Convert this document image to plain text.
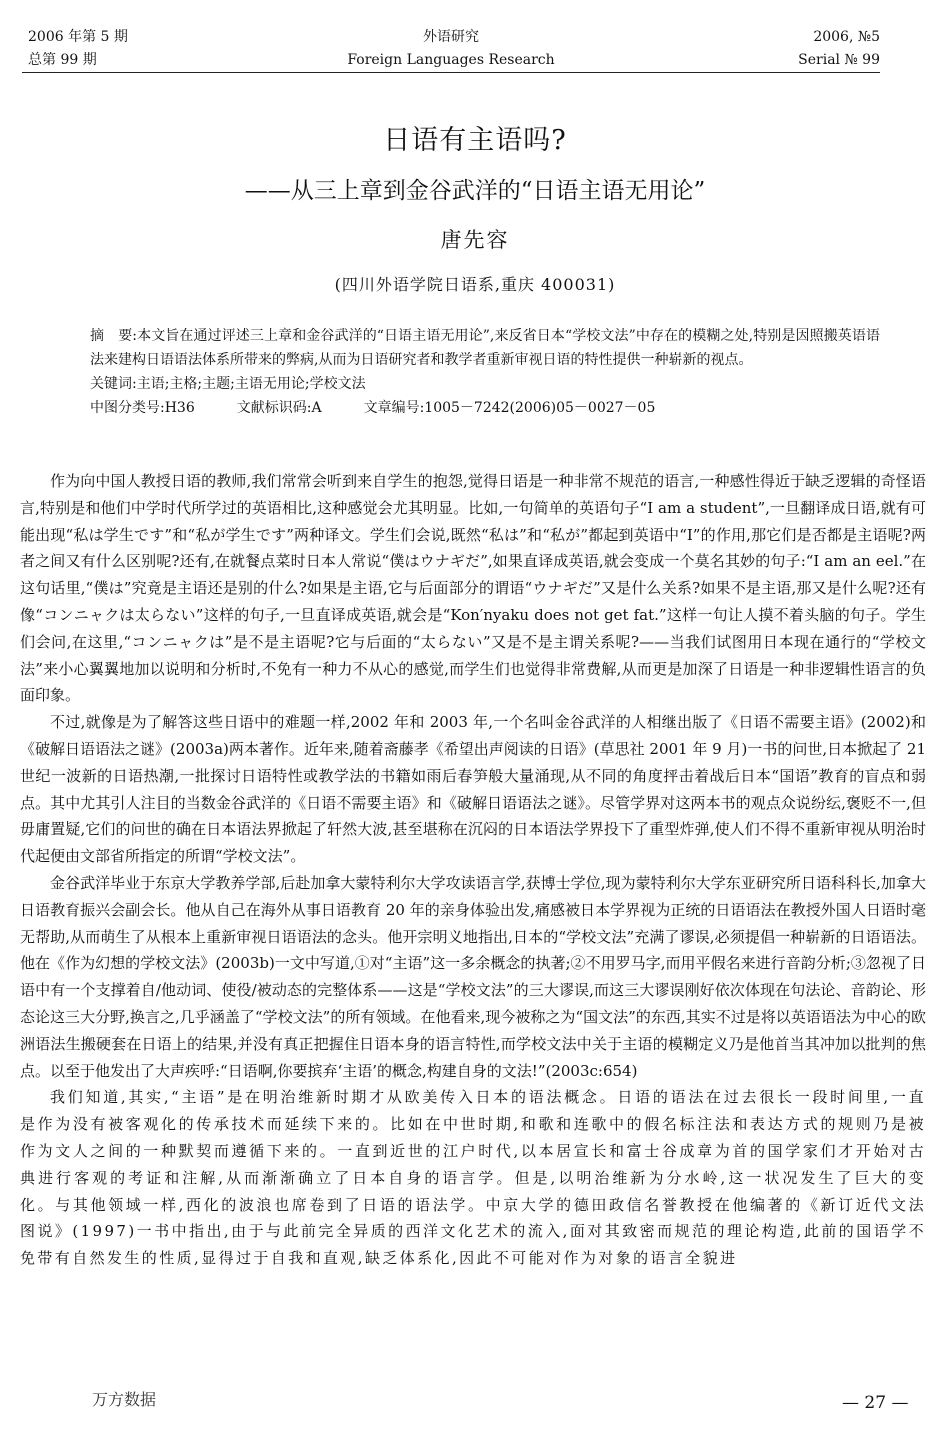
2006 年第 5 期
总第 99 期
外语研究
Foreign Languages Research
2006, №5
Serial № 99
日语有主语吗?
——从三上章到金谷武洋的“日语主语无用论”
唐先容
(四川外语学院日语系,重庆 400031)

摘　要:本文旨在通过评述三上章和金谷武洋的“日语主语无用论”,来反省日本“学校文法”中存在的模糊之处,特别是因照搬英语语法来建构日语语法体系所带来的弊病,从而为日语研究者和教学者重新审视日语的特性提供一种崭新的视点。

关键词:主语;主格;主题;主语无用论;学校文法

中图分类号:H36	文献标识码:A	文章编号:1005－7242(2006)05－0027－05

作为向中国人教授日语的教师,我们常常会听到来自学生的抱怨,觉得日语是一种非常不规范的语言,一种感性得近于缺乏逻辑的奇怪语言,特别是和他们中学时代所学过的英语相比,这种感觉会尤其明显。比如,一句简单的英语句子“I am a student”,一旦翻译成日语,就有可能出现“私は学生です”和“私が学生です”两种译文。学生们会说,既然“私は”和“私が”都起到英语中“I”的作用,那它们是否都是主语呢?两者之间又有什么区别呢?还有,在就餐点菜时日本人常说“僕はウナギだ”,如果直译成英语,就会变成一个莫名其妙的句子:“I am an eel.”在这句话里,“僕は”究竟是主语还是别的什么?如果是主语,它与后面部分的谓语“ウナギだ”又是什么关系?如果不是主语,那又是什么呢?还有像“コンニャクは太らない”这样的句子,一旦直译成英语,就会是“Kon′nyaku does not get fat.”这样一句让人摸不着头脑的句子。学生们会问,在这里,“コンニャクは”是不是主语呢?它与后面的“太らない”又是不是主谓关系呢?——当我们试图用日本现在通行的“学校文法”来小心翼翼地加以说明和分析时,不免有一种力不从心的感觉,而学生们也觉得非常费解,从而更是加深了日语是一种非逻辑性语言的负面印象。

不过,就像是为了解答这些日语中的难题一样,2002 年和 2003 年,一个名叫金谷武洋的人相继出版了《日语不需要主语》(2002)和《破解日语语法之谜》(2003a)两本著作。近年来,随着斋藤孝《希望出声阅读的日语》(草思社 2001 年 9 月)一书的问世,日本掀起了 21 世纪一波新的日语热潮,一批探讨日语特性或教学法的书籍如雨后春笋般大量涌现,从不同的角度抨击着战后日本“国语”教育的盲点和弱点。其中尤其引人注目的当数金谷武洋的《日语不需要主语》和《破解日语语法之谜》。尽管学界对这两本书的观点众说纷纭,褒贬不一,但毋庸置疑,它们的问世的确在日本语法界掀起了轩然大波,甚至堪称在沉闷的日本语法学界投下了重型炸弹,使人们不得不重新审视从明治时代起便由文部省所指定的所谓“学校文法”。

金谷武洋毕业于东京大学教养学部,后赴加拿大蒙特利尔大学攻读语言学,获博士学位,现为蒙特利尔大学东亚研究所日语科科长,加拿大日语教育振兴会副会长。他从自己在海外从事日语教育 20 年的亲身体验出发,痛感被日本学界视为正统的日语语法在教授外国人日语时毫无帮助,从而萌生了从根本上重新审视日语语法的念头。他开宗明义地指出,日本的“学校文法”充满了谬误,必须提倡一种崭新的日语语法。他在《作为幻想的学校文法》(2003b)一文中写道,①对“主语”这一多余概念的执著;②不用罗马字,而用平假名来进行音韵分析;③忽视了日语中有一个支撑着自/他动词、使役/被动态的完整体系——这是“学校文法”的三大谬误,而这三大谬误刚好依次体现在句法论、音韵论、形态论这三大分野,换言之,几乎涵盖了“学校文法”的所有领域。在他看来,现今被称之为“国文法”的东西,其实不过是将以英语语法为中心的欧洲语法生搬硬套在日语上的结果,并没有真正把握住日语本身的语言特性,而学校文法中关于主语的模糊定义乃是他首当其冲加以批判的焦点。以至于他发出了大声疾呼:“日语啊,你要摈弃‘主语’的概念,构建自身的文法!”(2003c:654)

我们知道,其实,“主语”是在明治维新时期才从欧美传入日本的语法概念。日语的语法在过去很长一段时间里,一直是作为没有被客观化的传承技术而延续下来的。比如在中世时期,和歌和连歌中的假名标注法和表达方式的规则乃是被作为文人之间的一种默契而遵循下来的。一直到近世的江户时代,以本居宣长和富士谷成章为首的国学家们才开始对古典进行客观的考证和注解,从而渐渐确立了日本自身的语言学。但是,以明治维新为分水岭,这一状况发生了巨大的变化。与其他领域一样,西化的波浪也席卷到了日语的语法学。中京大学的德田政信名誉教授在他编著的《新订近代文法图说》(1997)一书中指出,由于与此前完全异质的西洋文化艺术的流入,面对其致密而规范的理论构造,此前的国语学不免带有自然发生的性质,显得过于自我和直观,缺乏体系化,因此不可能对作为对象的语言全貌进

万方数据	— 27 —
